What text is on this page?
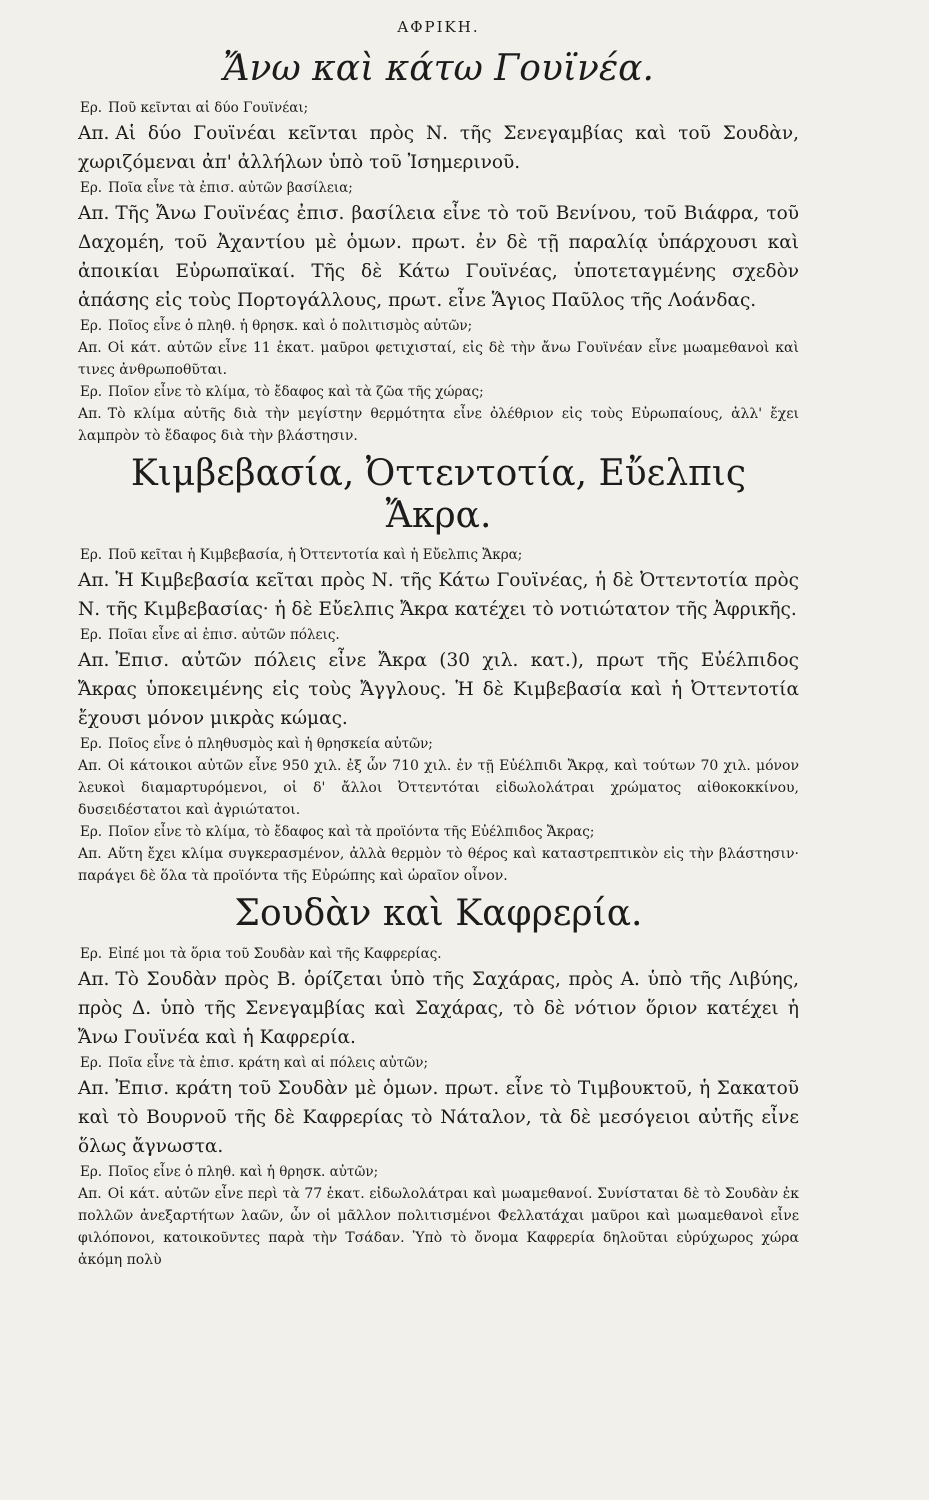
ΑΦΡΙΚΗ.
Ἄνω καὶ κάτω Γουϊνέα.

Ερ. Ποῦ κεῖνται αἱ δύο Γουϊνέαι;

Απ. Αἱ δύο Γουϊνέαι κεῖνται πρὸς Ν. τῆς Σενεγαμβίας καὶ τοῦ Σουδὰν, χωριζόμεναι ἀπ' ἀλλήλων ὑπὸ τοῦ Ἰσημερινοῦ.

Ερ. Ποῖα εἶνε τὰ ἐπισ. αὐτῶν βασίλεια;

Απ. Τῆς Ἄνω Γουϊνέας ἐπισ. βασίλεια εἶνε τὸ τοῦ Βενίνου, τοῦ Βιάφρα, τοῦ Δαχομέη, τοῦ Ἀχαντίου μὲ ὁμων. πρωτ. ἐν δὲ τῇ παραλίᾳ ὑπάρχουσι καὶ ἀποικίαι Εὐρωπαϊκαί. Τῆς δὲ Κάτω Γουϊνέας, ὑποτεταγμένης σχεδὸν ἁπάσης εἰς τοὺς Πορτογάλλους, πρωτ. εἶνε Ἅγιος Παῦλος τῆς Λοάνδας.

Ερ. Ποῖος εἶνε ὁ πληθ. ἡ θρησκ. καὶ ὁ πολιτισμὸς αὐτῶν;

Απ. Οἱ κάτ. αὐτῶν εἶνε 11 ἑκατ. μαῦροι φετιχισταί, εἰς δὲ τὴν ἄνω Γουϊνέαν εἶνε μωαμεθανοὶ καὶ τινες ἀνθρωποθῦται.

Ερ. Ποῖον εἶνε τὸ κλίμα, τὸ ἔδαφος καὶ τὰ ζῶα τῆς χώρας;

Απ. Τὸ κλίμα αὐτῆς διὰ τὴν μεγίστην θερμότητα εἶνε ὀλέθριον εἰς τοὺς Εὐρωπαίους, ἀλλ' ἔχει λαμπρὸν τὸ ἔδαφος διὰ τὴν βλάστησιν.

Κιμβεβασία, Ὀττεντοτία, Εὔελπις Ἄκρα.

Ερ. Ποῦ κεῖται ἡ Κιμβεβασία, ἡ Ὀττεντοτία καὶ ἡ Εὔελπις Ἄκρα;

Απ. Ἡ Κιμβεβασία κεῖται πρὸς Ν. τῆς Κάτω Γουϊνέας, ἡ δὲ Ὀττεντοτία πρὸς Ν. τῆς Κιμβεβασίας· ἡ δὲ Εὔελπις Ἄκρα κατέχει τὸ νοτιώτατον τῆς Ἀφρικῆς.

Ερ. Ποῖαι εἶνε αἱ ἐπισ. αὐτῶν πόλεις.

Απ. Ἐπισ. αὐτῶν πόλεις εἶνε Ἄκρα (30 χιλ. κατ.), πρωτ τῆς Εὐέλπιδος Ἄκρας ὑποκειμένης εἰς τοὺς Ἄγγλους. Ἡ δὲ Κιμβεβασία καὶ ἡ Ὀττεντοτία ἔχουσι μόνον μικρὰς κώμας.

Ερ. Ποῖος εἶνε ὁ πληθυσμὸς καὶ ἡ θρησκεία αὐτῶν;

Απ. Οἱ κάτοικοι αὐτῶν εἶνε 950 χιλ. ἐξ ὧν 710 χιλ. ἐν τῇ Εὐέλπιδι Ἄκρᾳ, καὶ τούτων 70 χιλ. μόνον λευκοὶ διαμαρτυρόμενοι, οἱ δ' ἄλλοι Ὀττεντόται εἰδωλολάτραι χρώματος αἰθοκοκκίνου, δυσειδέστατοι καὶ ἀγριώτατοι.

Ερ. Ποῖον εἶνε τὸ κλίμα, τὸ ἔδαφος καὶ τὰ προϊόντα τῆς Εὐέλπιδος Ἄκρας;

Απ. Αὕτη ἔχει κλίμα συγκερασμένον, ἀλλὰ θερμὸν τὸ θέρος καὶ καταστρεπτικὸν εἰς τὴν βλάστησιν· παράγει δὲ ὅλα τὰ προϊόντα τῆς Εὐρώπης καὶ ὡραῖον οἶνον.

Σουδὰν καὶ Καφρερία.

Ερ. Εἰπέ μοι τὰ ὅρια τοῦ Σουδὰν καὶ τῆς Καφρερίας.

Απ. Τὸ Σουδὰν πρὸς Β. ὁρίζεται ὑπὸ τῆς Σαχάρας, πρὸς Α. ὑπὸ τῆς Λιβύης, πρὸς Δ. ὑπὸ τῆς Σενεγαμβίας καὶ Σαχάρας, τὸ δὲ νότιον ὅριον κατέχει ἡ Ἄνω Γουϊνέα καὶ ἡ Καφρερία.

Ερ. Ποῖα εἶνε τὰ ἐπισ. κράτη καὶ αἱ πόλεις αὐτῶν;

Απ. Ἐπισ. κράτη τοῦ Σουδὰν μὲ ὁμων. πρωτ. εἶνε τὸ Τιμβουκτοῦ, ἡ Σακατοῦ καὶ τὸ Βουρνοῦ τῆς δὲ Καφρερίας τὸ Νάταλον, τὰ δὲ μεσόγειοι αὐτῆς εἶνε ὅλως ἄγνωστα.

Ερ. Ποῖος εἶνε ὁ πληθ. καὶ ἡ θρησκ. αὐτῶν;

Απ. Οἱ κάτ. αὐτῶν εἶνε περὶ τὰ 77 ἑκατ. εἰδωλολάτραι καὶ μωαμεθανοί. Συνίσταται δὲ τὸ Σουδὰν ἐκ πολλῶν ἀνεξαρτήτων λαῶν, ὧν οἱ μᾶλλον πολιτισμένοι Φελλατάχαι μαῦροι καὶ μωαμεθανοὶ εἶνε φιλόπονοι, κατοικοῦντες παρὰ τὴν Τσάδαν. Ὑπὸ τὸ ὄνομα Καφρερία δηλοῦται εὐρύχωρος χώρα ἀκόμη πολὺ
